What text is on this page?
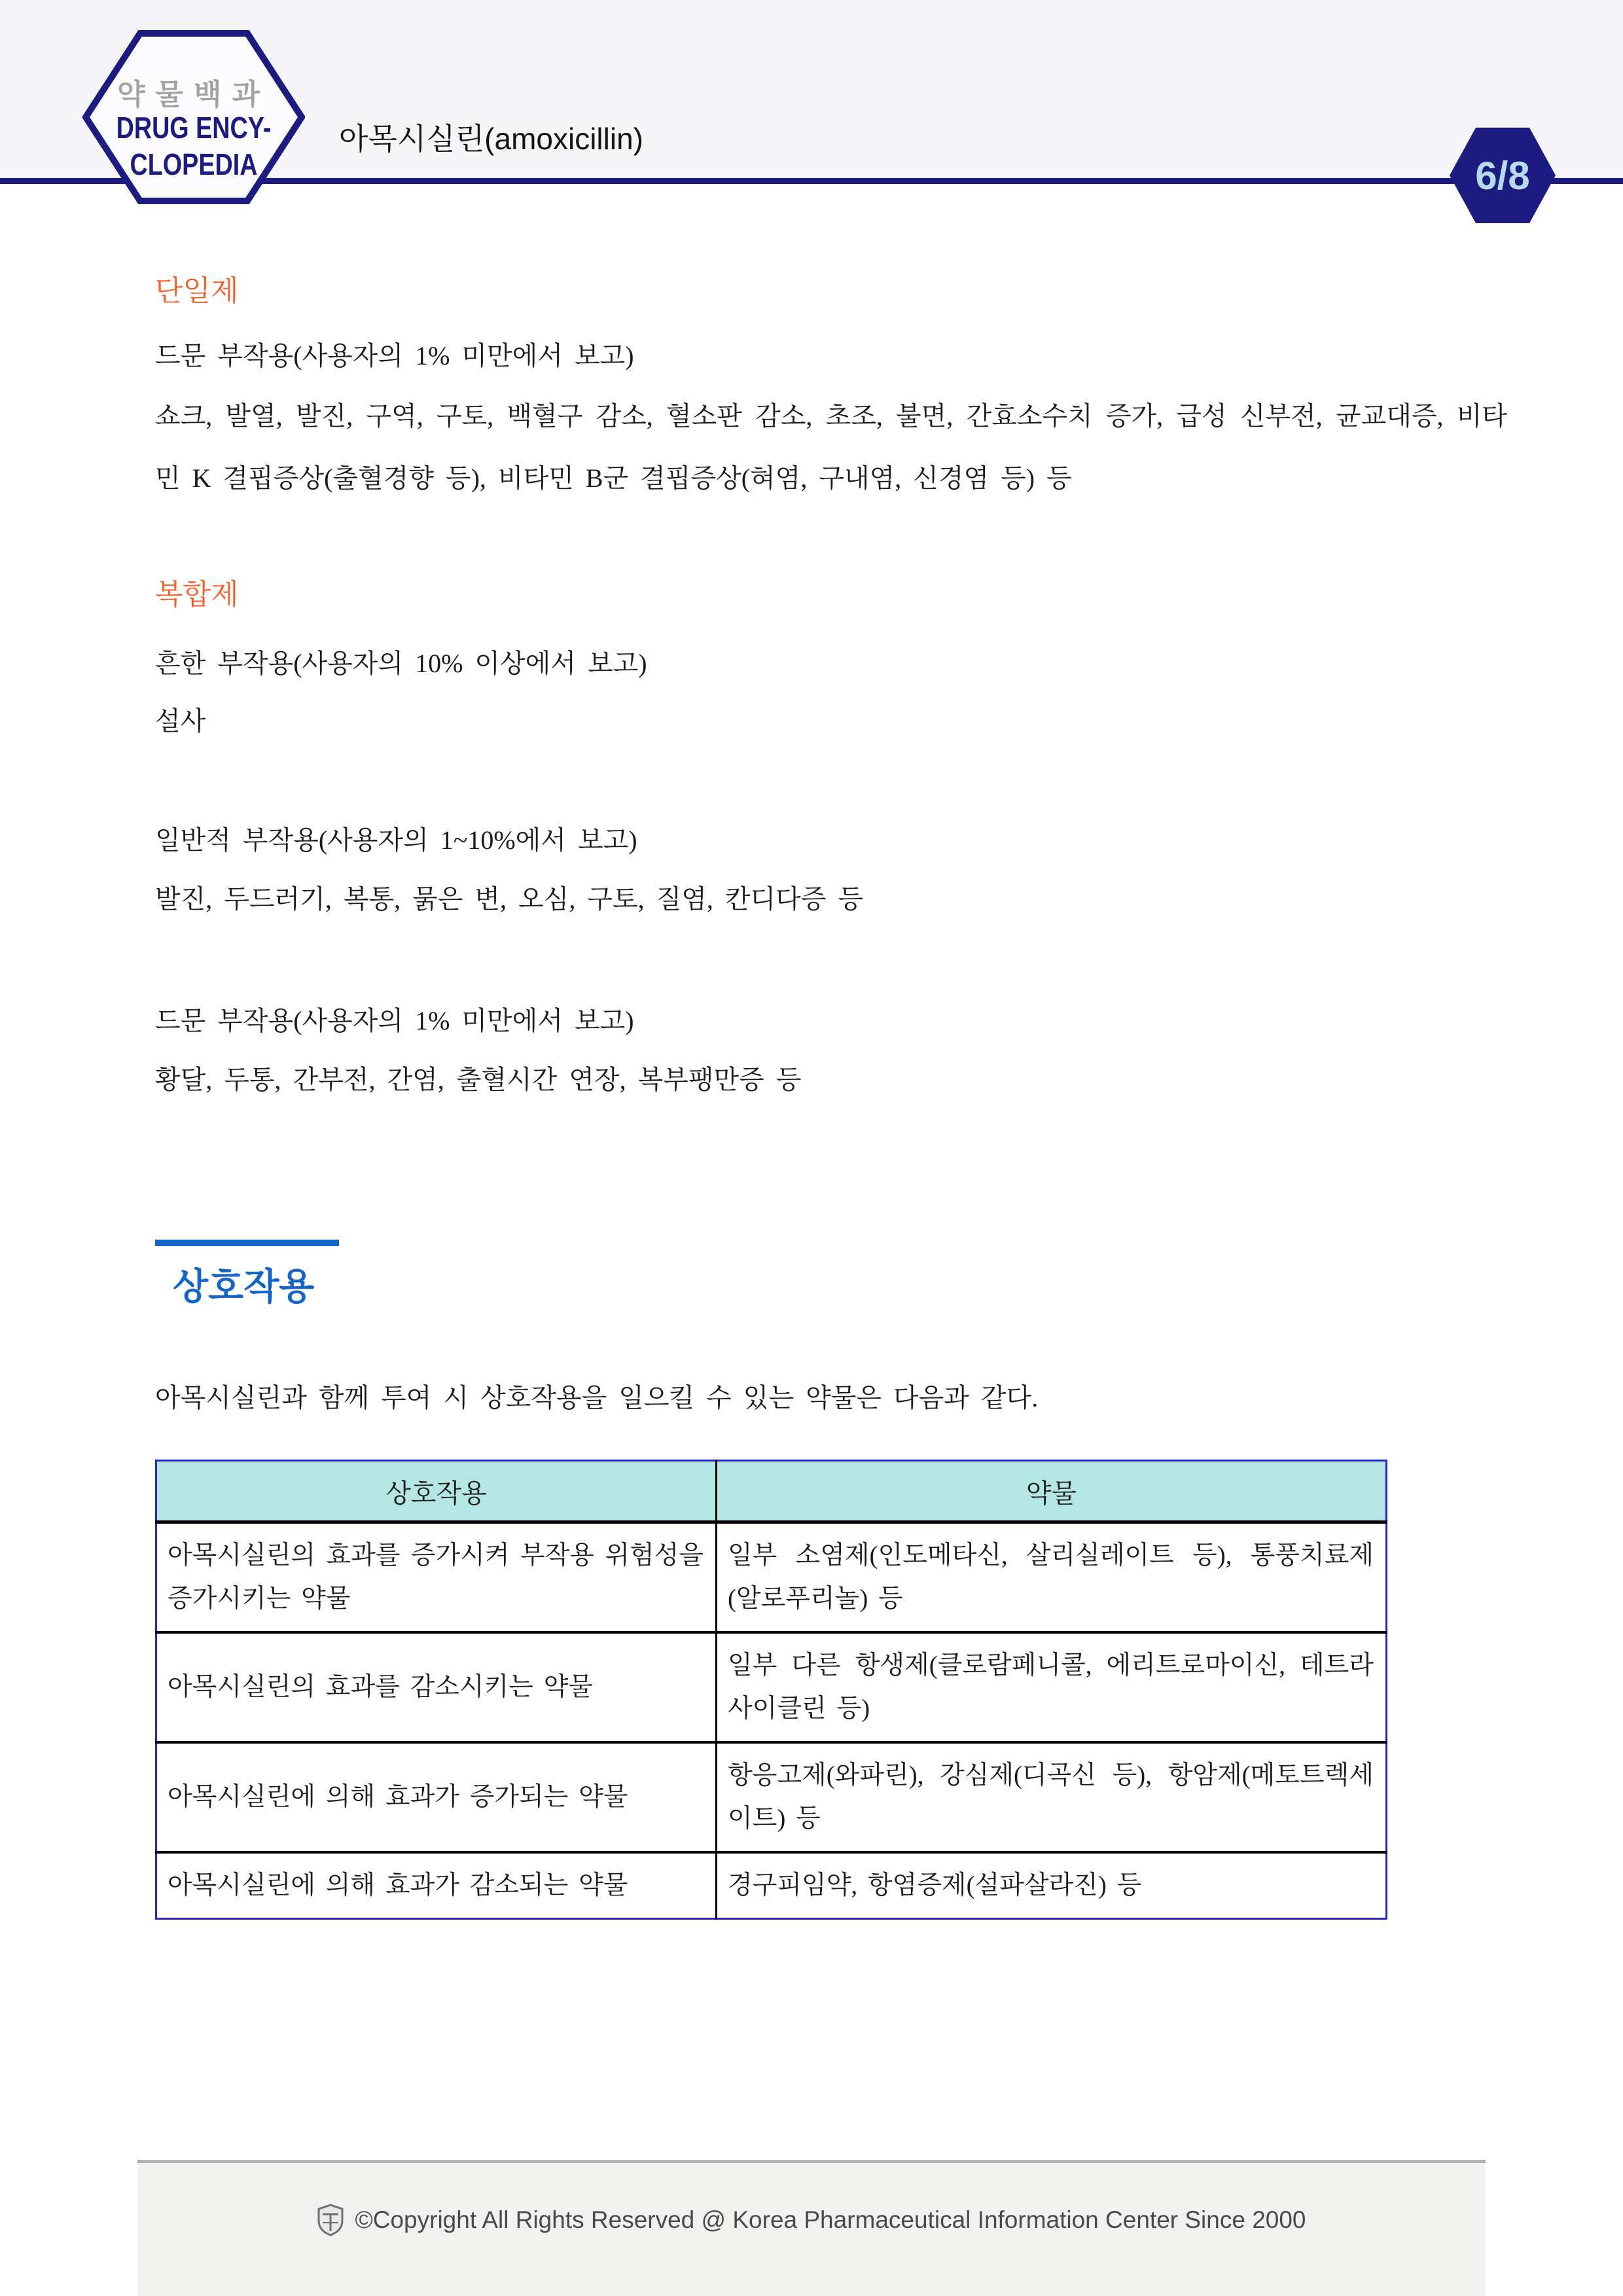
약물백과
DRUG ENCY-
CLOPEDIA
아목시실린(amoxicillin)
6/8
단일제
드문 부작용(사용자의 1% 미만에서 보고)
쇼크, 발열, 발진, 구역, 구토, 백혈구 감소, 혈소판 감소, 초조, 불면, 간효소수치 증가, 급성 신부전, 균교대증, 비타민 K 결핍증상(출혈경향 등), 비타민 B군 결핍증상(혀염, 구내염, 신경염 등) 등
복합제
흔한 부작용(사용자의 10% 이상에서 보고)
설사
일반적 부작용(사용자의 1~10%에서 보고)
발진, 두드러기, 복통, 묽은 변, 오심, 구토, 질염, 칸디다증 등
드문 부작용(사용자의 1% 미만에서 보고)
황달, 두통, 간부전, 간염, 출혈시간 연장, 복부팽만증 등
상호작용
아목시실린과 함께 투여 시 상호작용을 일으킬 수 있는 약물은 다음과 같다.
상호작용	약물
아목시실린의 효과를 증가시켜 부작용 위험성을 증가시키는 약물	일부 소염제(인도메타신, 살리실레이트 등), 통풍치료제(알로푸리놀) 등
아목시실린의 효과를 감소시키는 약물	일부 다른 항생제(클로람페니콜, 에리트로마이신, 테트라사이클린 등)
아목시실린에 의해 효과가 증가되는 약물	항응고제(와파린), 강심제(디곡신 등), 항암제(메토트렉세이트) 등
아목시실린에 의해 효과가 감소되는 약물	경구피임약, 항염증제(설파살라진) 등
©Copyright All Rights Reserved @ Korea Pharmaceutical Information Center Since 2000
